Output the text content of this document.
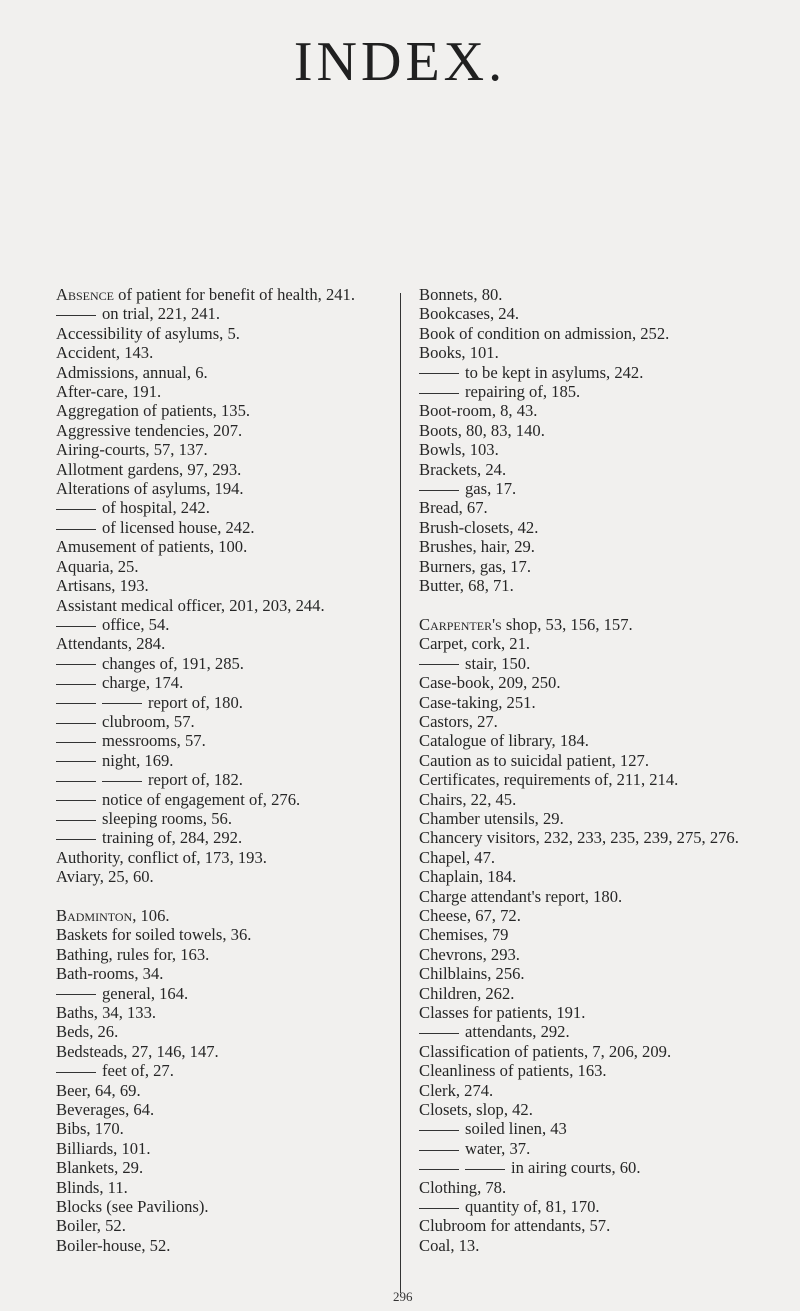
INDEX.
Absence of patient for benefit of health, 241.
on trial, 221, 241.
Accessibility of asylums, 5.
Accident, 143.
Admissions, annual, 6.
After-care, 191.
Aggregation of patients, 135.
Aggressive tendencies, 207.
Airing-courts, 57, 137.
Allotment gardens, 97, 293.
Alterations of asylums, 194.
of hospital, 242.
of licensed house, 242.
Amusement of patients, 100.
Aquaria, 25.
Artisans, 193.
Assistant medical officer, 201, 203, 244.
office, 54.
Attendants, 284.
changes of, 191, 285.
charge, 174.
report of, 180.
clubroom, 57.
messrooms, 57.
night, 169.
report of, 182.
notice of engagement of, 276.
sleeping rooms, 56.
training of, 284, 292.
Authority, conflict of, 173, 193.
Aviary, 25, 60.
Badminton, 106.
Baskets for soiled towels, 36.
Bathing, rules for, 163.
Bath-rooms, 34.
general, 164.
Baths, 34, 133.
Beds, 26.
Bedsteads, 27, 146, 147.
feet of, 27.
Beer, 64, 69.
Beverages, 64.
Bibs, 170.
Billiards, 101.
Blankets, 29.
Blinds, 11.
Blocks (see Pavilions).
Boiler, 52.
Boiler-house, 52.
Bonnets, 80.
Bookcases, 24.
Book of condition on admission, 252.
Books, 101.
to be kept in asylums, 242.
repairing of, 185.
Boot-room, 8, 43.
Boots, 80, 83, 140.
Bowls, 103.
Brackets, 24.
gas, 17.
Bread, 67.
Brush-closets, 42.
Brushes, hair, 29.
Burners, gas, 17.
Butter, 68, 71.
Carpenter's shop, 53, 156, 157.
Carpet, cork, 21.
stair, 150.
Case-book, 209, 250.
Case-taking, 251.
Castors, 27.
Catalogue of library, 184.
Caution as to suicidal patient, 127.
Certificates, requirements of, 211, 214.
Chairs, 22, 45.
Chamber utensils, 29.
Chancery visitors, 232, 233, 235, 239, 275, 276.
Chapel, 47.
Chaplain, 184.
Charge attendant's report, 180.
Cheese, 67, 72.
Chemises, 79
Chevrons, 293.
Chilblains, 256.
Children, 262.
Classes for patients, 191.
attendants, 292.
Classification of patients, 7, 206, 209.
Cleanliness of patients, 163.
Clerk, 274.
Closets, slop, 42.
soiled linen, 43
water, 37.
in airing courts, 60.
Clothing, 78.
quantity of, 81, 170.
Clubroom for attendants, 57.
Coal, 13.
296
